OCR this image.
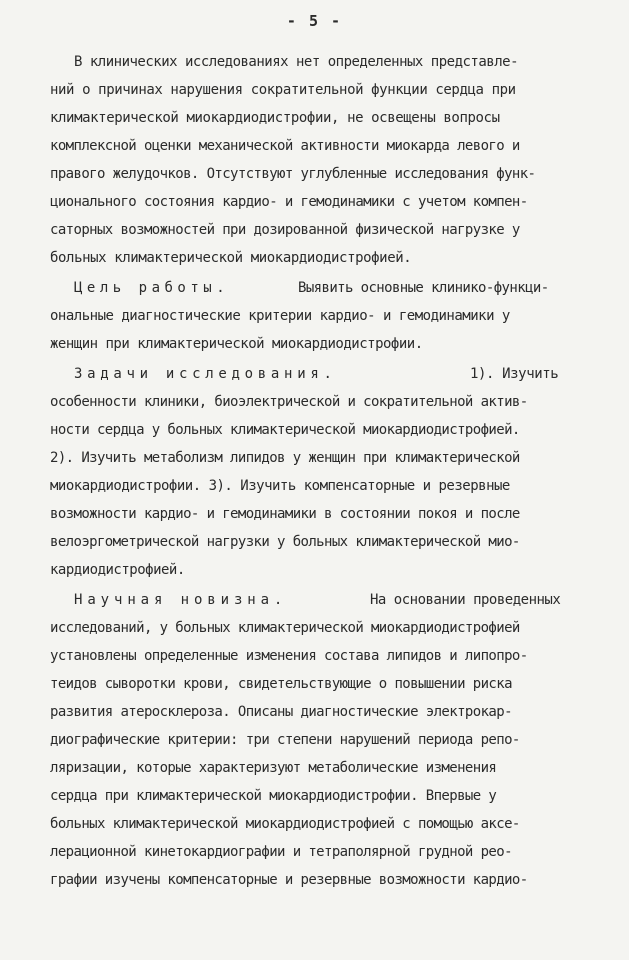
- 5 -
В клинических исследованиях нет определенных представле-
ний о причинах нарушения сократительной функции сердца при
климактерической миокардиодистрофии, не освещены вопросы
комплексной оценки механической активности миокарда левого и
правого желудочков. Отсутствуют углубленные исследования функ-
ционального состояния кардио- и гемодинамики с учетом компен-
саторных возможностей при дозированной физической нагрузке у
больных климактерической миокардиодистрофией.
Цель работы.	Выявить основные клинико-функци-
ональные диагностические критерии кардио- и гемодинамики у
женщин при климактерической миокардиодистрофии.
Задачи исследования.	1). Изучить
особенности клиники, биоэлектрической и сократительной актив-
ности сердца у больных климактерической миокардиодистрофией.
2). Изучить метаболизм липидов у женщин при климактерической
миокардиодистрофии. 3). Изучить компенсаторные и резервные
возможности кардио- и гемодинамики в состоянии покоя и после
велоэргометрической нагрузки у больных климактерической мио-
кардиодистрофией.
Научная новизна.	На основании проведенных
исследований, у больных климактерической миокардиодистрофией
установлены определенные изменения состава липидов и липопро-
теидов сыворотки крови, свидетельствующие о повышении риска
развития атеросклероза. Описаны диагностические электрокар-
диографические критерии: три степени нарушений периода репо-
ляризации, которые характеризуют метаболические изменения
сердца при климактерической миокардиодистрофии. Впервые у
больных климактерической миокардиодистрофией с помощью аксе-
лерационной кинетокардиографии и тетраполярной грудной рео-
графии изучены компенсаторные и резервные возможности кардио-
